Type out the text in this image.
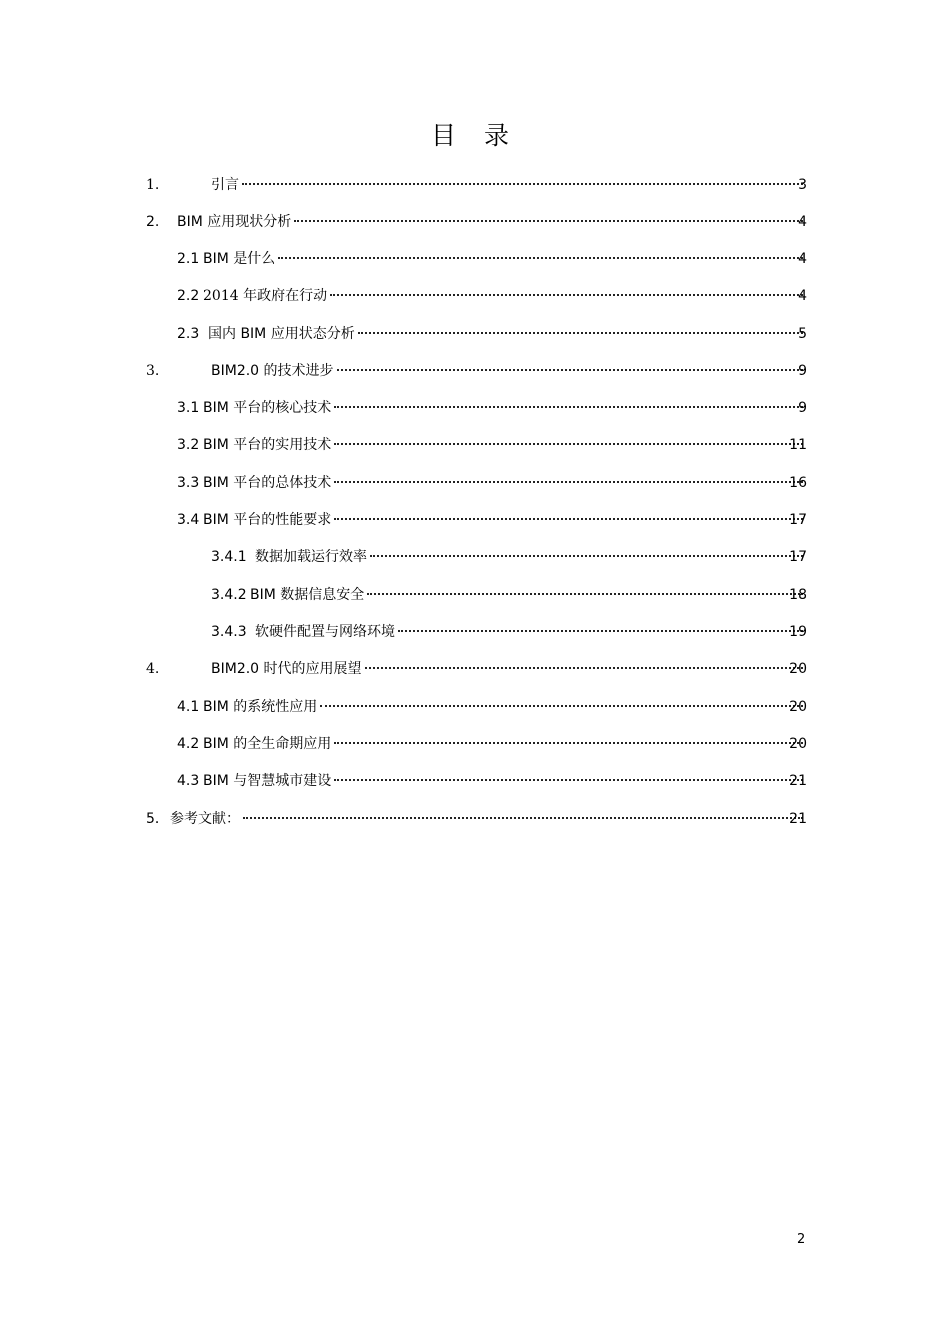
目 录
1.	引言	3
2. BIM 应用现状分析	4
2.1 BIM 是什么	4
2.2 2014 年政府在行动	4
2.3 国内 BIM 应用状态分析	5
3.	BIM2.0 的技术进步	9
3.1 BIM 平台的核心技术	9
3.2 BIM 平台的实用技术	11
3.3 BIM 平台的总体技术	16
3.4 BIM 平台的性能要求	17
3.4.1 数据加载运行效率	17
3.4.2 BIM 数据信息安全	18
3.4.3 软硬件配置与网络环境	19
4.	BIM2.0 时代的应用展望	20
4.1 BIM 的系统性应用	20
4.2 BIM 的全生命期应用	20
4.3 BIM 与智慧城市建设	21
5． 参考文献：	21
2
